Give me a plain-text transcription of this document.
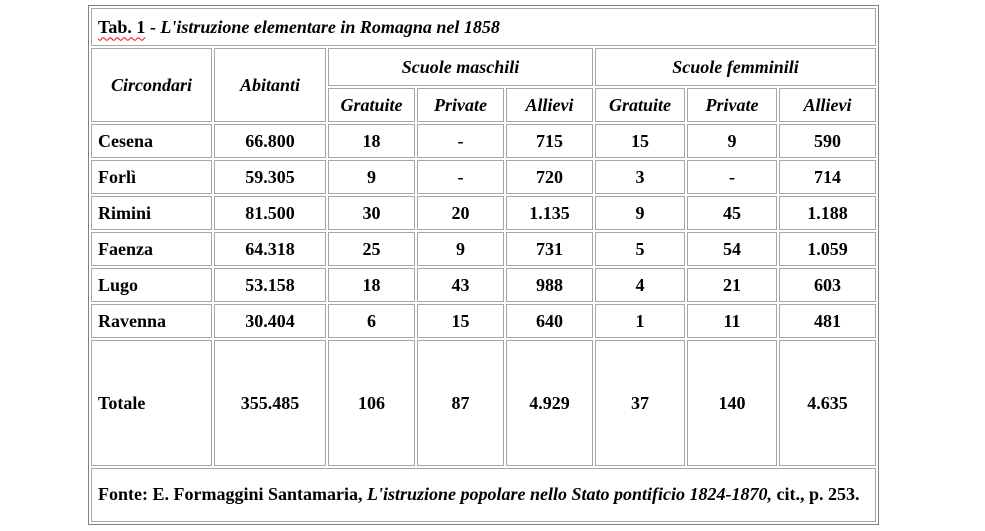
Tab. 1 - L'istruzione elementare in Romagna nel 1858							
Circondari	Abitanti	Scuole maschili			Scuole femminili		
		Gratuite	Private	Allievi	Gratuite	Private	Allievi
Cesena	66.800	18	-	715	15	9	590
Forlì	59.305	9	-	720	3	-	714
Rimini	81.500	30	20	1.135	9	45	1.188
Faenza	64.318	25	9	731	5	54	1.059
Lugo	53.158	18	43	988	4	21	603
Ravenna	30.404	6	15	640	1	11	481
Totale	355.485	106	87	4.929	37	140	4.635
Fonte: E. Formaggini Santamaria, L'istruzione popolare nello Stato pontificio 1824-1870, cit., p. 253.							
